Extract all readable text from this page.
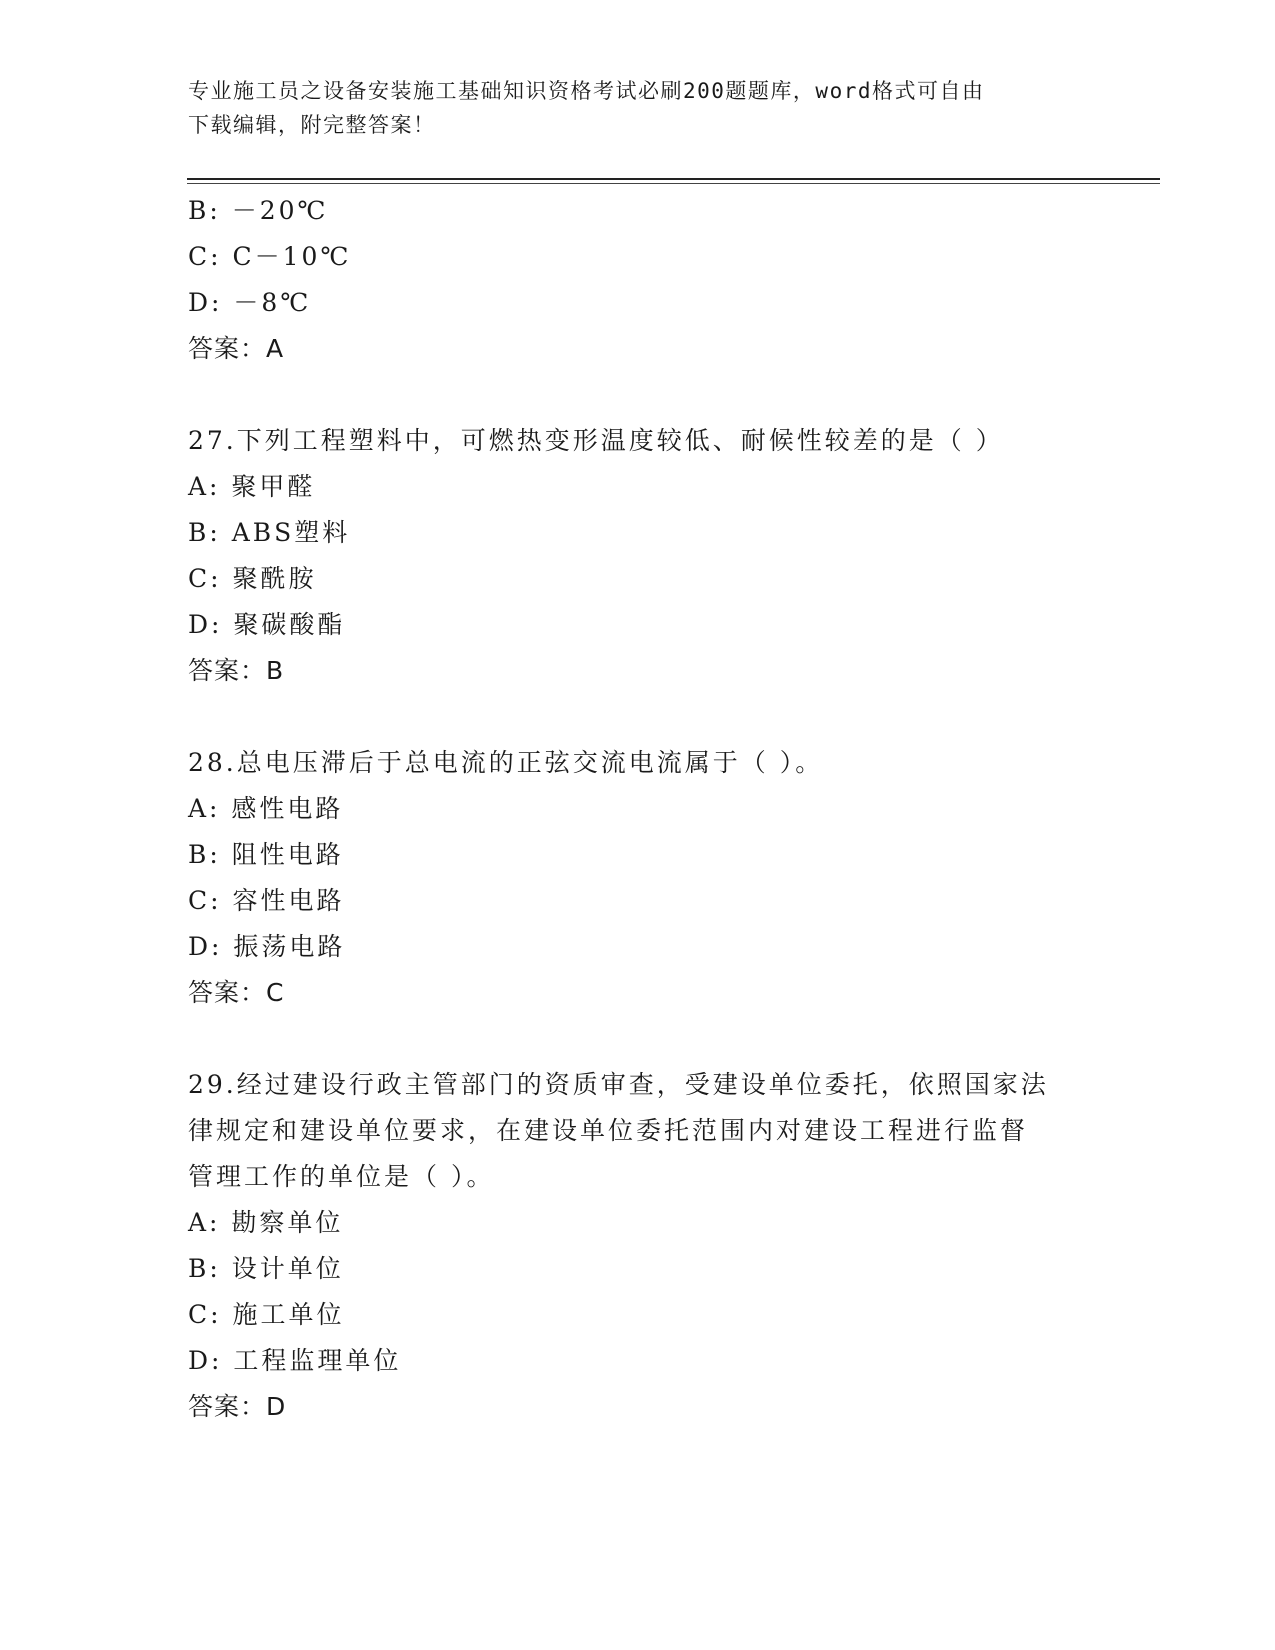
专业施工员之设备安装施工基础知识资格考试必刷200题题库，word格式可自由
下载编辑，附完整答案！
B: －20℃
C: C－10℃
D: －8℃
答案：A
27.下列工程塑料中，可燃热变形温度较低、耐候性较差的是（ ）
A: 聚甲醛
B: ABS塑料
C: 聚酰胺
D: 聚碳酸酯
答案：B
28.总电压滞后于总电流的正弦交流电流属于（ ）。
A: 感性电路
B: 阻性电路
C: 容性电路
D: 振荡电路
答案：C
29.经过建设行政主管部门的资质审查，受建设单位委托，依照国家法
律规定和建设单位要求，在建设单位委托范围内对建设工程进行监督
管理工作的单位是（ ）。
A: 勘察单位
B: 设计单位
C: 施工单位
D: 工程监理单位
答案：D
